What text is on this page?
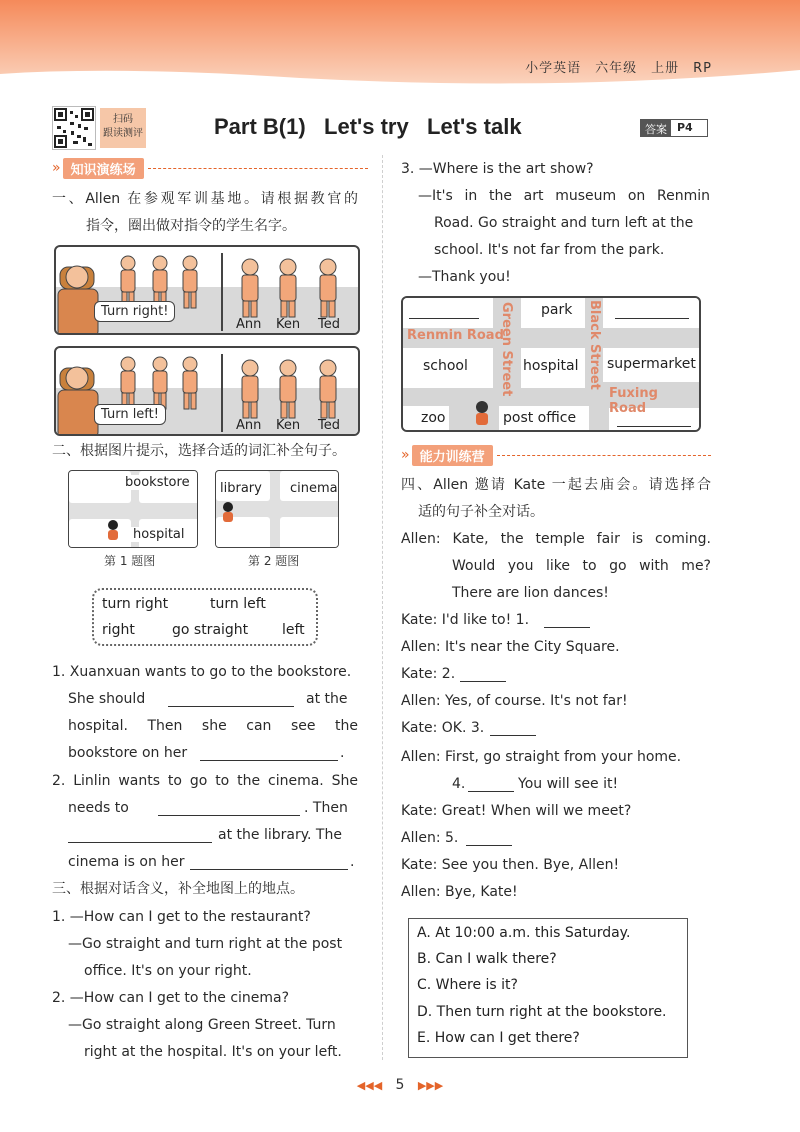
小学英语　六年级　上册　RP
扫码
跟读测评	Part B(1)   Let's try   Let's talk	答案 P4
» 知识演练场
一、Allen 在参观军训基地。请根据教官的
指令，圈出做对指令的学生名字。
Turn right!
Ann Ken Ted
Turn left!
Ann Ken Ted
二、根据图片提示，选择合适的词汇补全句子。
bookstore
hospital
第 1 题图
library cinema
第 2 题图
turn right	turn left
right	go straight left
1. Xuanxuan wants to go to the bookstore.
She should	at the
hospital. Then she can see the
bookstore on her	.
2. Linlin wants to go to the cinema. She
needs to	. Then
at the library. The
cinema is on her	.
三、根据对话含义，补全地图上的地点。
1. —How can I get to the restaurant?
—Go straight and turn right at the post
office. It's on your right.
2. —How can I get to the cinema?
—Go straight along Green Street. Turn
right at the hospital. It's on your left.
3. —Where is the art show?
—It's in the art museum on Renmin
Road. Go straight and turn left at the
school. It's not far from the park.
—Thank you!
park
school	hospital supermarket
zoo	post office
Renmin Road
Green Street	Black Street
Fuxing Road
» 能力训练营
四、Allen 邀请 Kate 一起去庙会。请选择合
适的句子补全对话。
Allen: Kate, the temple fair is coming.
Would you like to go with me?
There are lion dances!
Kate: I'd like to! 1.
Allen: It's near the City Square.
Kate: 2.
Allen: Yes, of course. It's not far!
Kate: OK. 3.
Allen: First, go straight from your home.
4.	You will see it!
Kate: Great! When will we meet?
Allen: 5.
Kate: See you then. Bye, Allen!
Allen: Bye, Kate!
A. At 10:00 a.m. this Saturday.
B. Can I walk there?
C. Where is it?
D. Then turn right at the bookstore.
E. How can I get there?
◀◀◀ 5 ▶▶▶
